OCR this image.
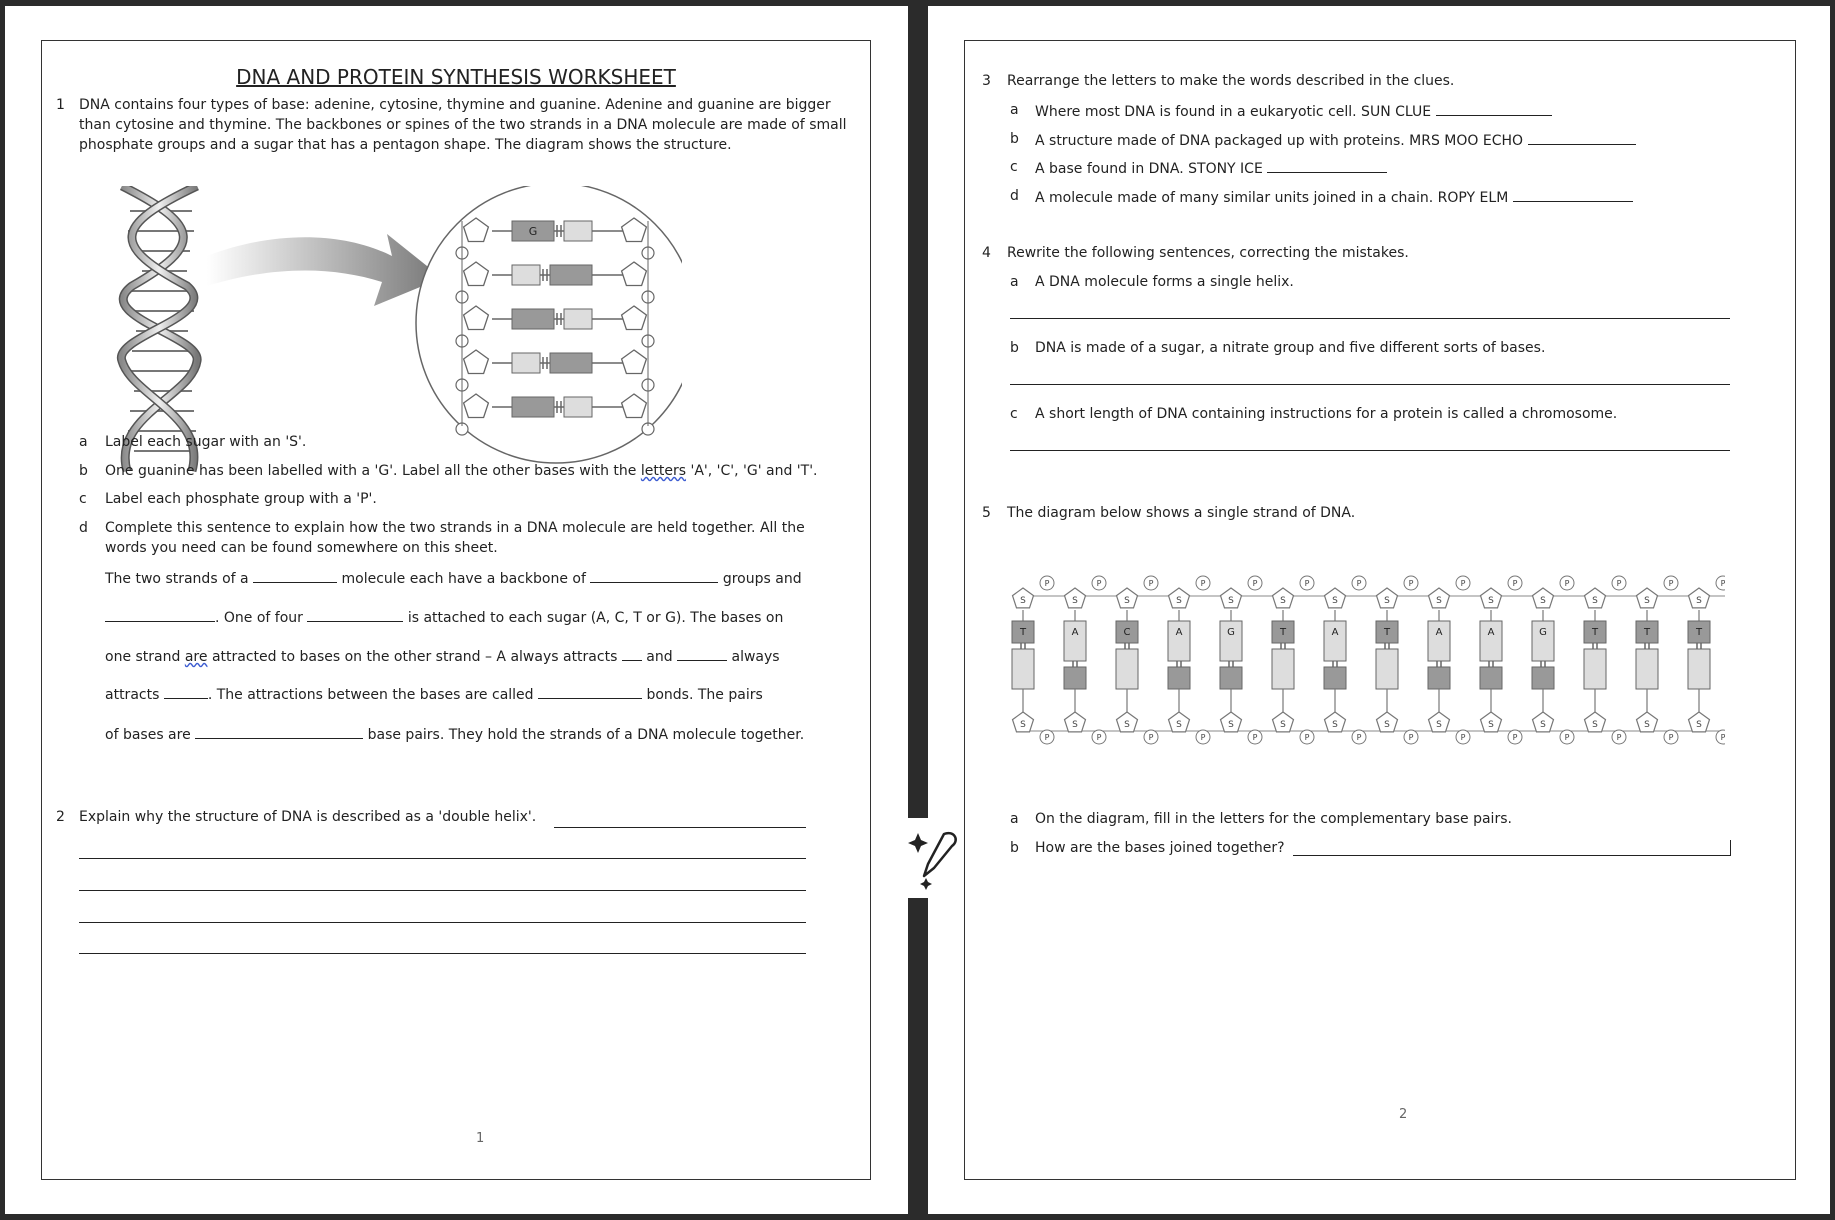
DNA AND PROTEIN SYNTHESIS WORKSHEET
1 DNA contains four types of base: adenine, cytosine, thymine and guanine. Adenine and guanine are bigger
than cytosine and thymine. The backbones or spines of the two strands in a DNA molecule are made of small
phosphate groups and a sugar that has a pentagon shape. The diagram shows the structure.
G
a Label each sugar with an 'S'.
b One guanine has been labelled with a 'G'. Label all the other bases with the letters 'A', 'C', 'G' and 'T'.
c Label each phosphate group with a 'P'.
d Complete this sentence to explain how the two strands in a DNA molecule are held together. All the
words you need can be found somewhere on this sheet.
The two strands of a	molecule each have a backbone of	groups and
. One of four	is attached to each sugar (A, C, T or G). The bases on
one strand are attracted to bases on the other strand – A always attracts and	always
attracts	. The attractions between the bases are called	bonds. The pairs
of bases are	base pairs. They hold the strands of a DNA molecule together.
2 Explain why the structure of DNA is described as a 'double helix'.
1
3 Rearrange the letters to make the words described in the clues.
a Where most DNA is found in a eukaryotic cell. SUN CLUE
b A structure made of DNA packaged up with proteins. MRS MOO ECHO
c A base found in DNA. STONY ICE
d A molecule made of many similar units joined in a chain. ROPY ELM
4 Rewrite the following sentences, correcting the mistakes.
a A DNA molecule forms a single helix.
b DNA is made of a sugar, a nitrate group and five different sorts of bases.
c A short length of DNA containing instructions for a protein is called a chromosome.
5 The diagram below shows a single strand of DNA.
S
P
T
S
P
S
P
A
S
P
S
P
C
S
P
S
P
A
S
P
S
P
G
S
P
S
P
T
S
P
S
P
A
S
P
S
P
T
S
P
S
P
A
S
P
S
P
A
S
P
S
P
G
S
P
S
P
T
S
P
S
P
T
S
P
S
P
T
S
P
a On the diagram, fill in the letters for the complementary base pairs.
b How are the bases joined together?
2
